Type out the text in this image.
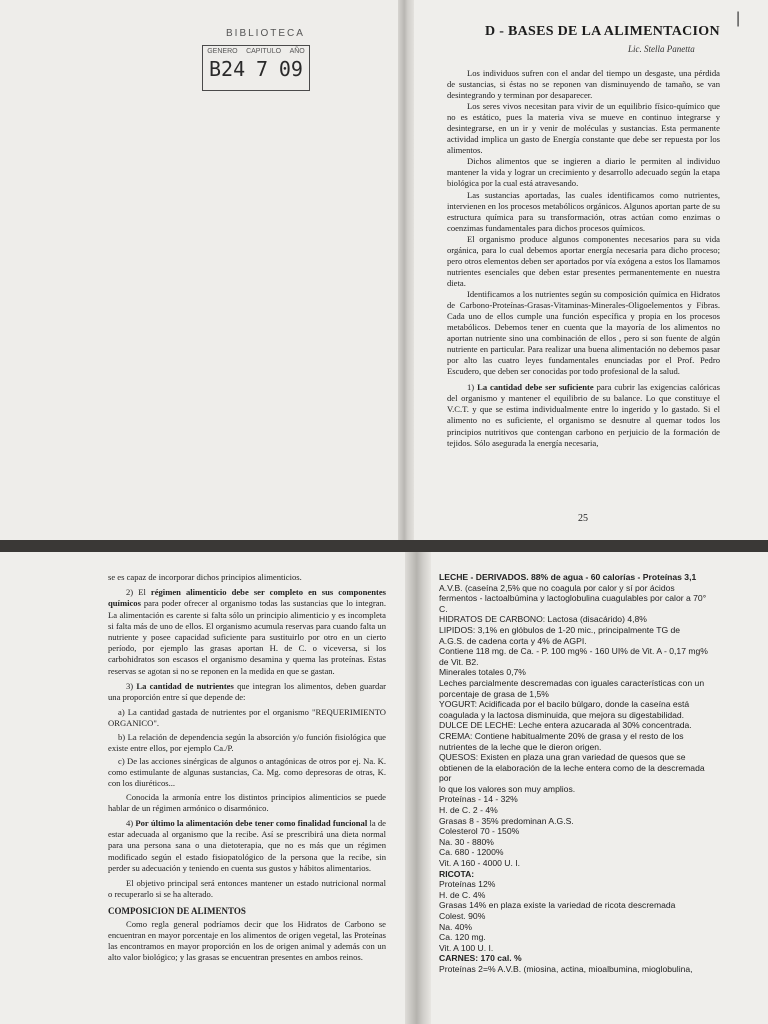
BIBLIOTECA
GENERO CAPITULO AÑO
B24 7 09
|
D - BASES DE LA ALIMENTACION
Lic. Stella Panetta

Los individuos sufren con el andar del tiempo un desgaste, una pérdida de sustancias, si éstas no se reponen van disminuyendo de tamaño, se van desintegrando y terminan por desaparecer.

Los seres vivos necesitan para vivir de un equilibrio físico-químico que no es estático, pues la materia viva se mueve en continuo integrarse y desintegrarse, en un ir y venir de moléculas y sustancias. Esta permanente actividad implica un gasto de Energía constante que debe ser repuesta por los alimentos.

Dichos alimentos que se ingieren a diario le permiten al individuo mantener la vida y lograr un crecimiento y desarrollo adecuado según la etapa biológica por la cual está atravesando.

Las sustancias aportadas, las cuales identificamos como nutrientes, intervienen en los procesos metabólicos orgánicos. Algunos aportan parte de su estructura química para su transformación, otras actúan como enzimas o coenzimas fundamentales para dichos procesos químicos.

El organismo produce algunos componentes necesarios para su vida orgánica, para lo cual debemos aportar energía necesaria para dicho proceso; pero otros elementos deben ser aportados por vía exógena a estos los llamamos nutrientes esenciales que deben estar presentes permanentemente en nuestra dieta.

Identificamos a los nutrientes según su composición química en Hidratos de Carbono-Proteínas-Grasas-Vitaminas-Minerales-Oligoelementos y Fibras. Cada uno de ellos cumple una función específica y propia en los procesos metabólicos. Debemos tener en cuenta que la mayoría de los alimentos no aportan nutriente sino una combinación de ellos , pero si son fuente de algún nutriente en particular. Para realizar una buena alimentación no debemos pasar por alto las cuatro leyes fundamentales enunciadas por el Prof. Pedro Escudero, que deben ser conocidas por todo profesional de la salud.

1) La cantidad debe ser suficiente para cubrir las exigencias calóricas del organismo y mantener el equilibrio de su balance. Lo que constituye el V.C.T. y que se estima individualmente entre lo ingerido y lo gastado. Si el alimento no es suficiente, el organismo se desnutre al quemar todos los principios nutritivos que contengan carbono en perjuicio de la formación de tejidos. Sólo asegurada la energía necesaria,

25

se es capaz de incorporar dichos principios alimenticios.

2) El régimen alimenticio debe ser completo en sus componentes químicos para poder ofrecer al organismo todas las sustancias que lo integran. La alimentación es carente si falta sólo un principio alimenticio y es incompleta si falta más de uno de ellos. El organismo acumula reservas para cuando falta un nutriente y posee capacidad suficiente para sustituirlo por otro en un cierto período, por ejemplo las grasas aportan H. de C. o viceversa, si los carbohidratos son escasos el organismo desamina y quema las proteínas. Estas reservas se agotan si no se reponen en la medida en que se gastan.

3) La cantidad de nutrientes que integran los alimentos, deben guardar una proporción entre sí que depende de:

a) La cantidad gastada de nutrientes por el organismo "REQUERIMIENTO ORGANICO".

b) La relación de dependencia según la absorción y/o función fisiológica que existe entre ellos, por ejemplo Ca./P.

c) De las acciones sinérgicas de algunos o antagónicas de otros por ej. Na. K. como estimulante de algunas sustancias, Ca. Mg. como depresoras de otras, K. con los diuréticos...

Conocida la armonía entre los distintos principios alimenticios se puede hablar de un régimen armónico o disarmónico.

4) Por último la alimentación debe tener como finalidad funcional la de estar adecuada al organismo que la recibe. Así se prescribirá una dieta normal para una persona sana o una dietoterapia, que no es más que un régimen modificado según el estado fisiopatológico de la persona que la recibe, sin perder su adecuación y teniendo en cuenta sus gustos y hábitos alimentarios.

El objetivo principal será entonces mantener un estado nutricional normal o recuperarlo si se ha alterado.

COMPOSICION DE ALIMENTOS

Como regla general podríamos decir que los Hidratos de Carbono se encuentran en mayor porcentaje en los alimentos de origen vegetal, las Proteínas las encontramos en mayor proporción en los de origen animal y además con un alto valor biológico; y las grasas se encuentran presentes en ambos reinos.

LECHE - DERIVADOS. 88% de agua - 60 calorías - Proteínas 3,1

A.V.B. (caseína 2,5% que no coagula por calor y sí por ácidos

fermentos - lactoalbúmina y lactoglobulina cuagulables por calor a 70°

C.

HIDRATOS DE CARBONO: Lactosa (disacárido) 4,8%

LIPIDOS: 3,1% en glóbulos de 1-20 mic., principalmente TG de

A.G.S. de cadena corta y 4% de AGPI.

Contiene 118 mg. de Ca. - P. 100 mg% - 160 UI% de Vit. A - 0,17 mg%

de Vit. B2.

Minerales totales 0,7%

Leches parcialmente descremadas con iguales características con un

porcentaje de grasa de 1,5%

YOGURT: Acidificada por el bacilo búlgaro, donde la caseína está

coagulada y la lactosa disminuida, que mejora su digestabilidad.

DULCE DE LECHE: Leche entera azucarada al 30% concentrada.

CREMA: Contiene habitualmente 20% de grasa y el resto de los

nutrientes de la leche que le dieron origen.

QUESOS: Existen en plaza una gran variedad de quesos que se

obtienen de la elaboración de la leche entera como de la descremada por

lo que los valores son muy amplios.

Proteínas - 14 - 32%

H. de C. 2 - 4%

Grasas 8 - 35% predominan A.G.S.

Colesterol 70 - 150%

Na. 30 - 880%

Ca. 680 - 1200%

Vit. A 160 - 4000 U. I.

RICOTA:

Proteínas 12%

H. de C. 4%

Grasas 14% en plaza existe la variedad de ricota descremada

Colest. 90%

Na. 40%

Ca. 120 mg.

Vit. A 100 U. I.

CARNES: 170 cal. %

Proteínas 2=% A.V.B. (miosina, actina, mioalbumina, mioglobulina,
